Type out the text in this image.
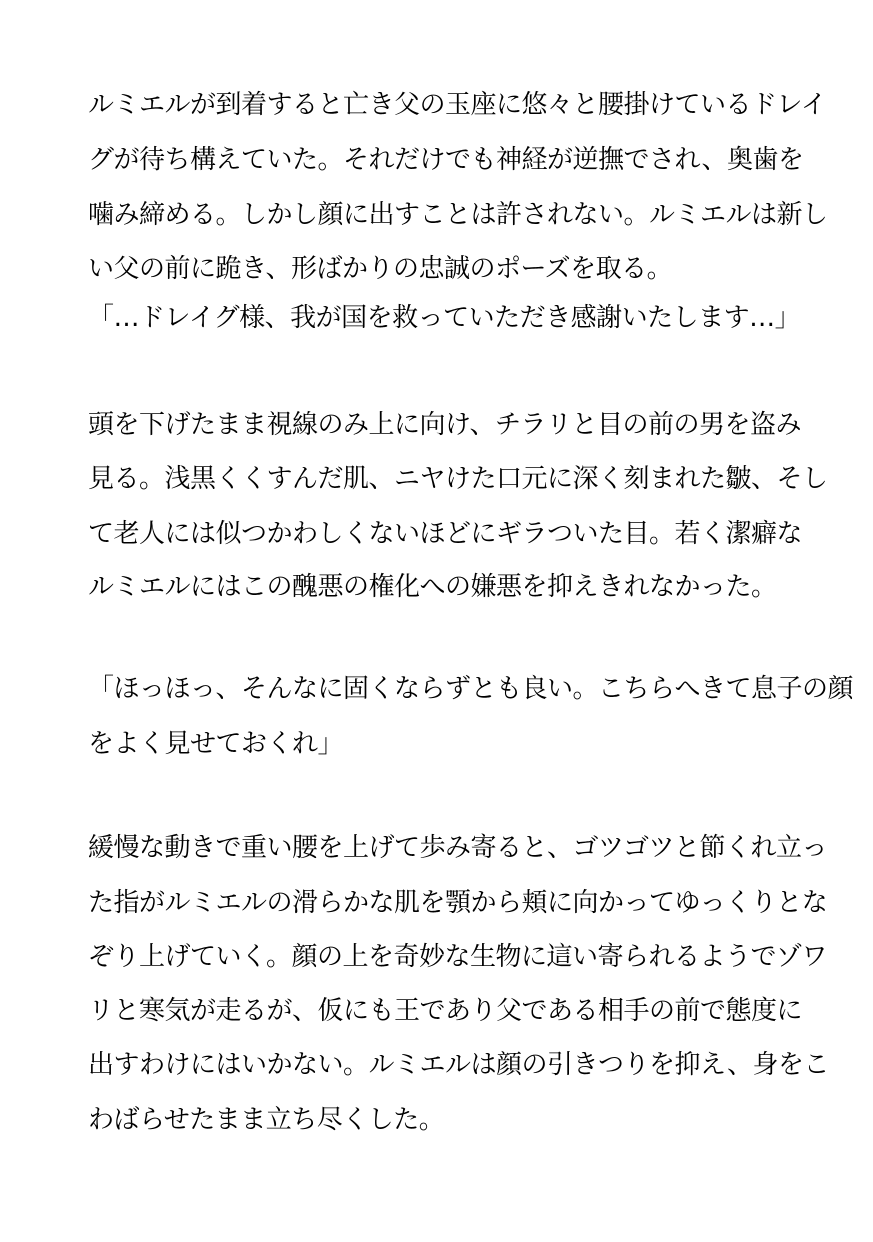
ルミエルが到着すると亡き父の玉座に悠々と腰掛けているドレイ

グが待ち構えていた。それだけでも神経が逆撫でされ、奥歯を

噛み締める。しかし顔に出すことは許されない。ルミエルは新し

い父の前に跪き、形ばかりの忠誠のポーズを取る。

「…ドレイグ様、我が国を救っていただき感謝いたします…」

頭を下げたまま視線のみ上に向け、チラリと目の前の男を盗み

見る。浅黒くくすんだ肌、ニヤけた口元に深く刻まれた皺、そし

て老人には似つかわしくないほどにギラついた目。若く潔癖な

ルミエルにはこの醜悪の権化への嫌悪を抑えきれなかった。

「ほっほっ、そんなに固くならずとも良い。こちらへきて息子の顔

をよく見せておくれ」

緩慢な動きで重い腰を上げて歩み寄ると、ゴツゴツと節くれ立っ

た指がルミエルの滑らかな肌を顎から頬に向かってゆっくりとな

ぞり上げていく。顔の上を奇妙な生物に這い寄られるようでゾワ

リと寒気が走るが、仮にも王であり父である相手の前で態度に

出すわけにはいかない。ルミエルは顔の引きつりを抑え、身をこ

わばらせたまま立ち尽くした。
